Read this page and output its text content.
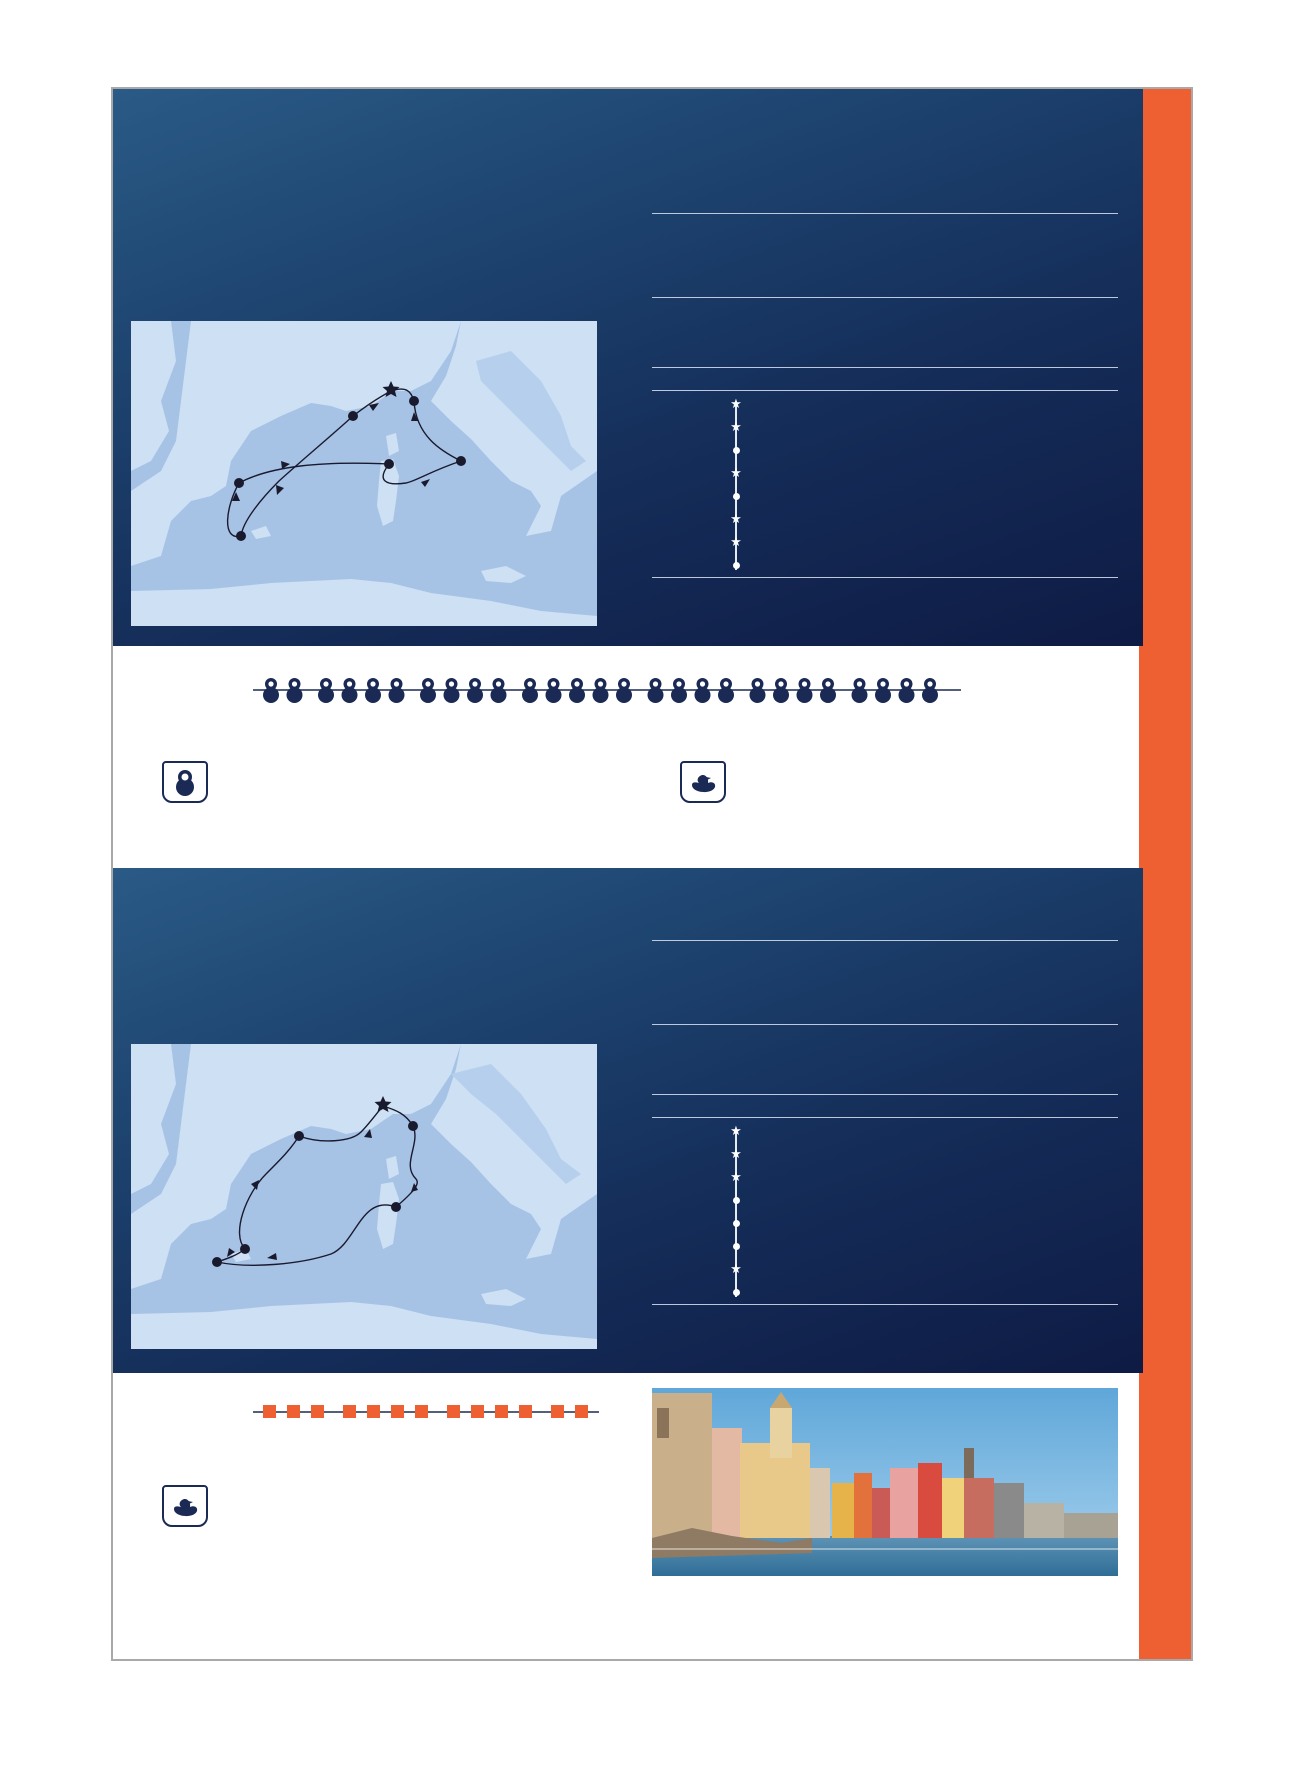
★
★
★
★
★
★
★
★
★
